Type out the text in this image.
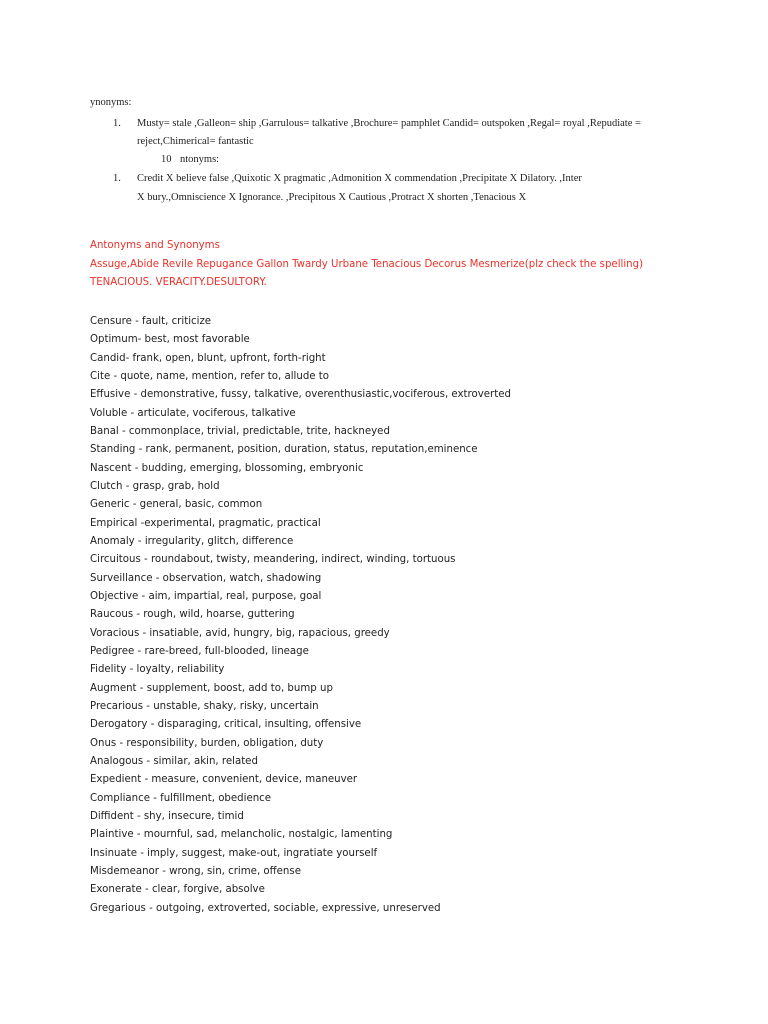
ynonyms:
1. Musty= stale ,Galleon= ship ,Garrulous= talkative ,Brochure= pamphlet Candid= outspoken ,Regal= royal ,Repudiate =
reject,Chimerical= fantastic
10 ntonyms:
1. Credit X believe false ,Quixotic X pragmatic ,Admonition X commendation ,Precipitate X Dilatory. ,Inter
X bury.,Omniscience X Ignorance. ,Precipitous X Cautious ,Protract X shorten ,Tenacious X
Antonyms and Synonyms
Assuge,Abide Revile Repugance Gallon Twardy Urbane Tenacious Decorus Mesmerize(plz check the spelling)
TENACIOUS. VERACITY.DESULTORY.
Censure - fault, criticize
Optimum- best, most favorable
Candid- frank, open, blunt, upfront, forth-right
Cite - quote, name, mention, refer to, allude to
Effusive - demonstrative, fussy, talkative, overenthusiastic,vociferous, extroverted
Voluble - articulate, vociferous, talkative
Banal - commonplace, trivial, predictable, trite, hackneyed
Standing - rank, permanent, position, duration, status, reputation,eminence
Nascent - budding, emerging, blossoming, embryonic
Clutch - grasp, grab, hold
Generic - general, basic, common
Empirical -experimental, pragmatic, practical
Anomaly - irregularity, glitch, difference
Circuitous - roundabout, twisty, meandering, indirect, winding, tortuous
Surveillance - observation, watch, shadowing
Objective - aim, impartial, real, purpose, goal
Raucous - rough, wild, hoarse, guttering
Voracious - insatiable, avid, hungry, big, rapacious, greedy
Pedigree - rare-breed, full-blooded, lineage
Fidelity - loyalty, reliability
Augment - supplement, boost, add to, bump up
Precarious - unstable, shaky, risky, uncertain
Derogatory - disparaging, critical, insulting, offensive
Onus - responsibility, burden, obligation, duty
Analogous - similar, akin, related
Expedient - measure, convenient, device, maneuver
Compliance - fulfillment, obedience
Diffident - shy, insecure, timid
Plaintive - mournful, sad, melancholic, nostalgic, lamenting
Insinuate - imply, suggest, make-out, ingratiate yourself
Misdemeanor - wrong, sin, crime, offense
Exonerate - clear, forgive, absolve
Gregarious - outgoing, extroverted, sociable, expressive, unreserved
